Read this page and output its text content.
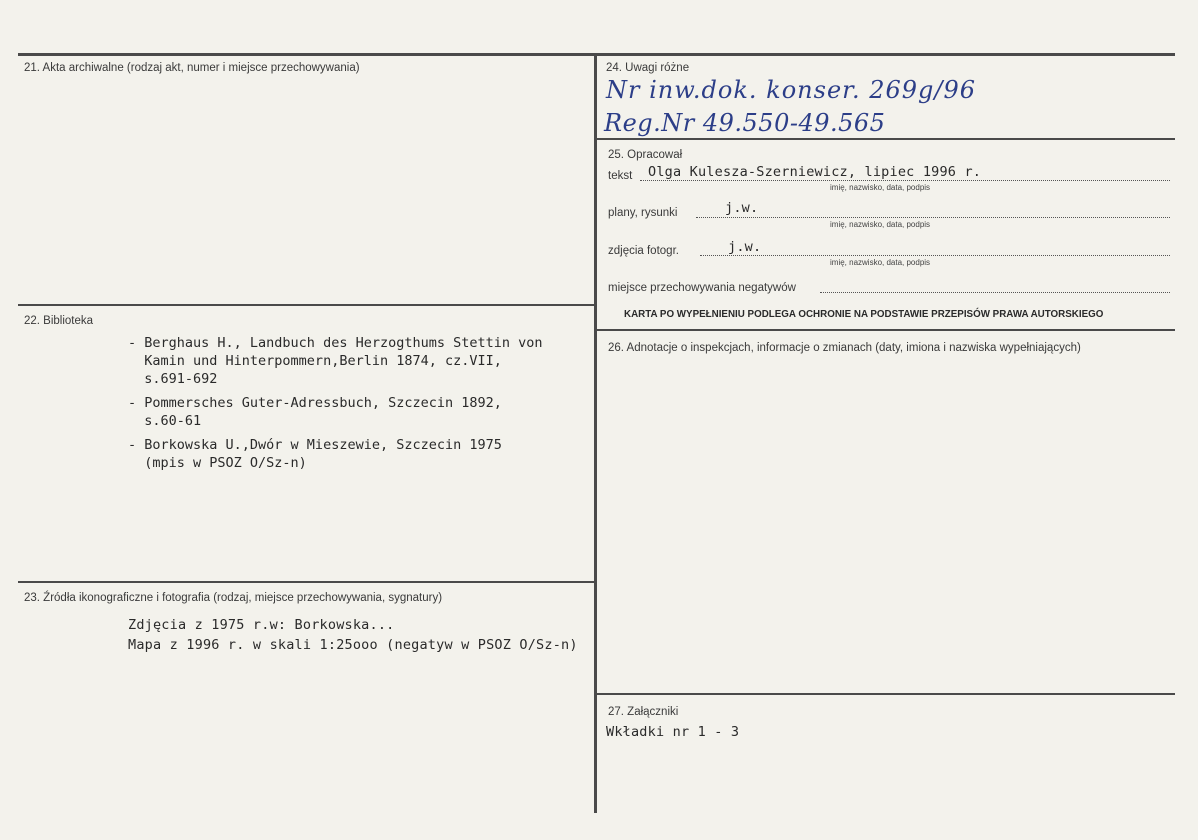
21. Akta archiwalne (rodzaj akt, numer i miejsce przechowywania)
22. Biblioteka
- Berghaus H., Landbuch des Herzogthums Stettin von
Kamin und Hinterpommern,Berlin 1874, cz.VII,
s.691-692
- Pommersches Guter-Adressbuch, Szczecin 1892,
s.60-61
- Borkowska U.,Dwór w Mieszewie, Szczecin 1975
(mpis w PSOZ O/Sz-n)
23. Źródła ikonograficzne i fotografia (rodzaj, miejsce przechowywania, sygnatury)
Zdjęcia z 1975 r.w: Borkowska...
Mapa z 1996 r. w skali 1:25ooo (negatyw w PSOZ O/Sz-n)
24. Uwagi różne
Nr inw.dok. konser. 269g/96
Reg.Nr 49.550-49.565
25. Opracował
tekst Olga Kulesza-Szerniewicz, lipiec 1996 r.
imię, nazwisko, data, podpis
plany, rysunki	j.w.
imię, nazwisko, data, podpis
zdjęcia fotogr.	j.w.
imię, nazwisko, data, podpis
miejsce przechowywania negatywów
KARTA PO WYPEŁNIENIU PODLEGA OCHRONIE NA PODSTAWIE PRZEPISÓW PRAWA AUTORSKIEGO
26. Adnotacje o inspekcjach, informacje o zmianach (daty, imiona i nazwiska wypełniających)
27. Załączniki
Wkładki nr 1 - 3
